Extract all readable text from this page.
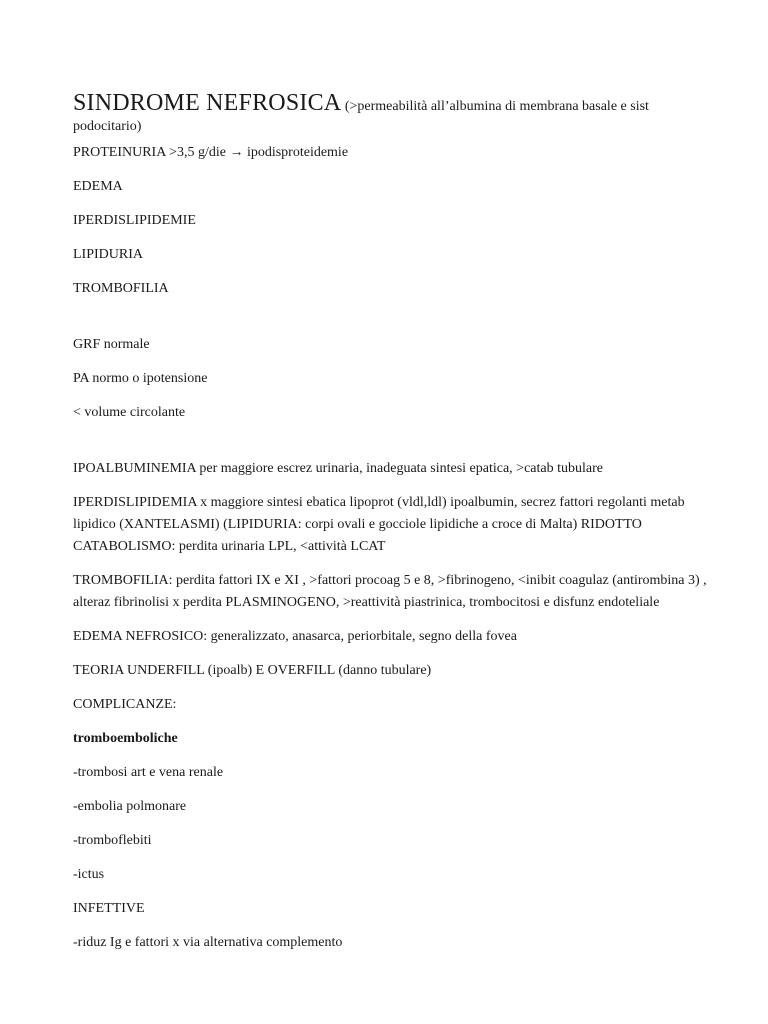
SINDROME NEFROSICA (>permeabilità all’albumina di membrana basale e sist podocitario)

PROTEINURIA >3,5 g/die → ipodisproteidemie

EDEMA

IPERDISLIPIDEMIE

LIPIDURIA

TROMBOFILIA

GRF normale

PA normo o ipotensione

< volume circolante

IPOALBUMINEMIA per maggiore escrez urinaria, inadeguata sintesi epatica, >catab tubulare

IPERDISLIPIDEMIA x maggiore sintesi ebatica lipoprot (vldl,ldl) ipoalbumin, secrez fattori regolanti metab lipidico (XANTELASMI) (LIPIDURIA: corpi ovali e gocciole lipidiche a croce di Malta) RIDOTTO CATABOLISMO: perdita urinaria LPL, <attività LCAT

TROMBOFILIA: perdita fattori IX e XI , >fattori procoag 5 e 8, >fibrinogeno, <inibit coagulaz (antirombina 3) , alteraz fibrinolisi x perdita PLASMINOGENO, >reattività piastrinica, trombocitosi e disfunz endoteliale

EDEMA NEFROSICO: generalizzato, anasarca, periorbitale, segno della fovea

TEORIA UNDERFILL (ipoalb) E OVERFILL (danno tubulare)

COMPLICANZE:

tromboemboliche

-trombosi art e vena renale

-embolia polmonare

-tromboflebiti

-ictus

INFETTIVE

-riduz Ig e fattori x via alternativa complemento
